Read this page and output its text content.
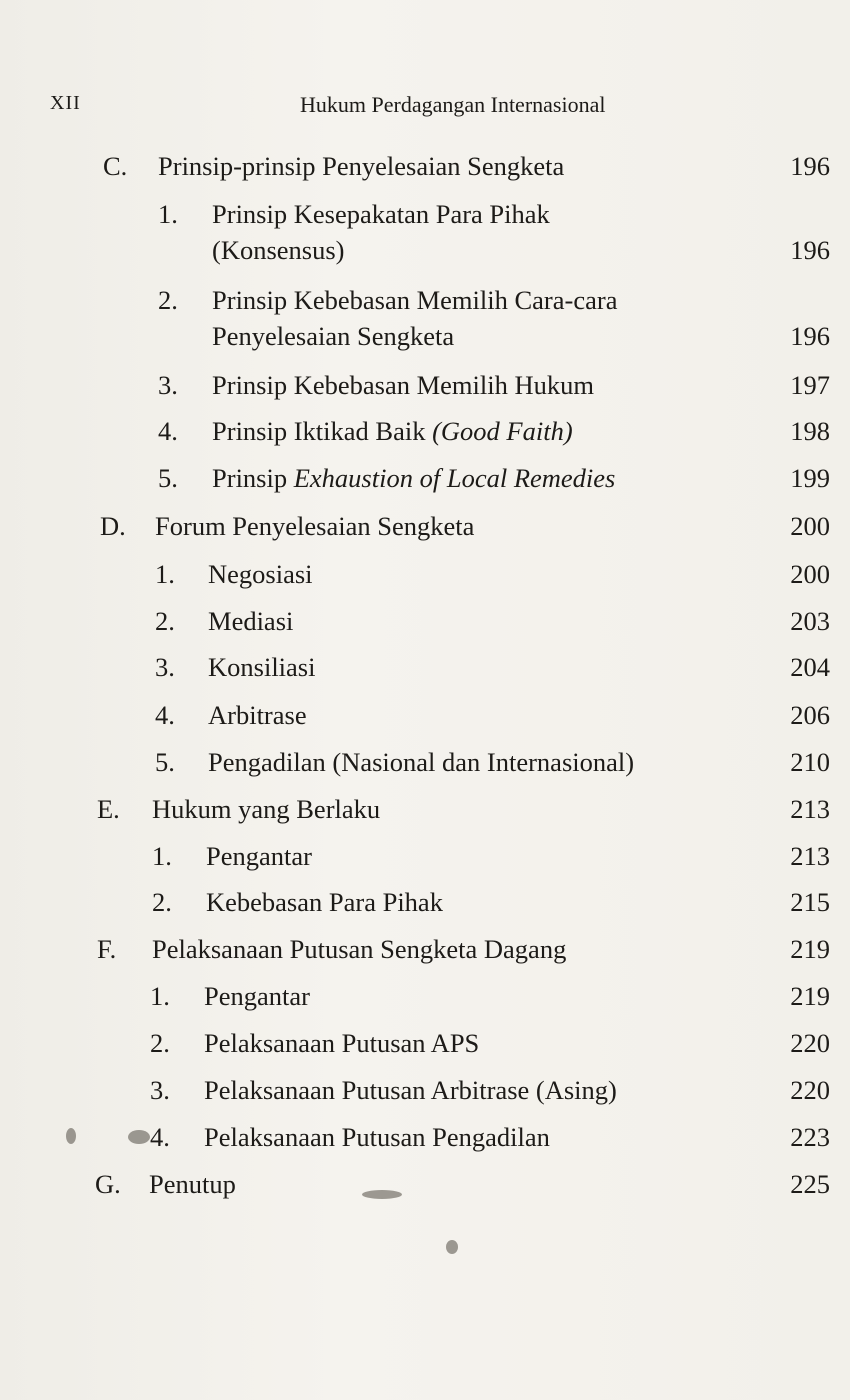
XII	Hukum Perdagangan Internasional
C. Prinsip-prinsip Penyelesaian Sengketa	196
1. Prinsip Kesepakatan Para Pihak
(Konsensus)	196
2. Prinsip Kebebasan Memilih Cara-cara
Penyelesaian Sengketa	196
3. Prinsip Kebebasan Memilih Hukum	197
4. Prinsip Iktikad Baik (Good Faith)	198
5. Prinsip Exhaustion of Local Remedies	199
D. Forum Penyelesaian Sengketa	200
1. Negosiasi	200
2. Mediasi	203
3. Konsiliasi	204
4. Arbitrase	206
5. Pengadilan (Nasional dan Internasional)	210
E. Hukum yang Berlaku	213
1. Pengantar	213
2. Kebebasan Para Pihak	215
F. Pelaksanaan Putusan Sengketa Dagang	219
1. Pengantar	219
2. Pelaksanaan Putusan APS	220
3. Pelaksanaan Putusan Arbitrase (Asing)	220
4. Pelaksanaan Putusan Pengadilan	223
G. Penutup	225
